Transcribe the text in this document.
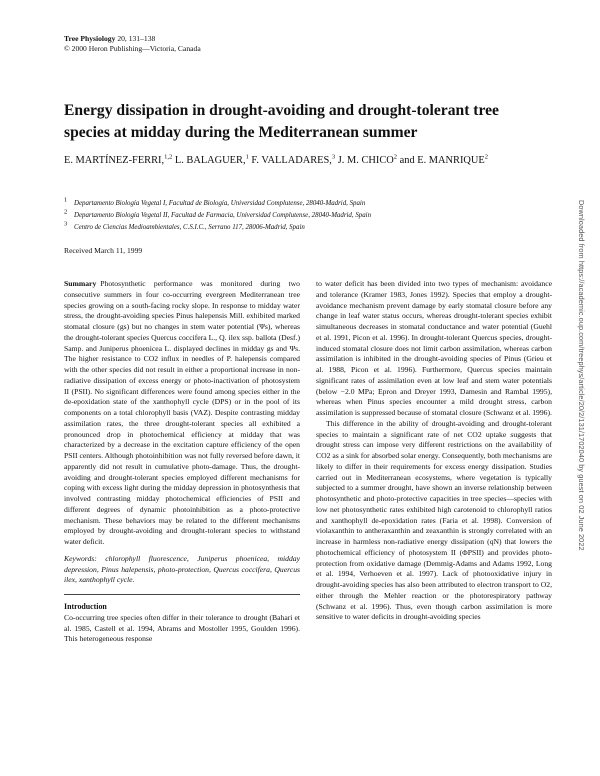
Tree Physiology 20, 131–138
© 2000 Heron Publishing—Victoria, Canada
Energy dissipation in drought-avoiding and drought-tolerant tree species at midday during the Mediterranean summer
E. MARTÍNEZ-FERRI,$^{1,2}$ L. BALAGUER,$^1$ F. VALLADARES,$^3$ J. M. CHICO$^2$ and E. MANRIQUE$^2$
$^1$ Departamento Biología Vegetal I, Facultad de Biología, Universidad Complutense, 28040-Madrid, Spain
$^2$ Departamento Biología Vegetal II, Facultad de Farmacia, Universidad Complutense, 28040-Madrid, Spain
$^3$ Centro de Ciencias Medioambientales, C.S.I.C., Serrano 117, 28006-Madrid, Spain
Received March 11, 1999

Summary Photosynthetic performance was monitored during two consecutive summers in four co-occurring evergreen Mediterranean tree species growing on a south-facing rocky slope. In response to midday water stress, the drought-avoiding species Pinus halepensis Mill. exhibited marked stomatal closure (gs) but no changes in stem water potential (Ψs), whereas the drought-tolerant species Quercus coccifera L., Q. ilex ssp. ballota (Desf.) Samp. and Juniperus phoenicea L. displayed declines in midday gs and Ψs. The higher resistance to CO2 influx in needles of P. halepensis compared with the other species did not result in either a proportional increase in non-radiative dissipation of excess energy or photo-inactivation of photosystem II (PSII). No significant differences were found among species either in the de-epoxidation state of the xanthophyll cycle (DPS) or in the pool of its components on a total chlorophyll basis (VAZ). Despite contrasting midday assimilation rates, the three drought-tolerant species all exhibited a pronounced drop in photochemical efficiency at midday that was characterized by a decrease in the excitation capture efficiency of the open PSII centers. Although photoinhibition was not fully reversed before dawn, it apparently did not result in cumulative photo-damage. Thus, the drought-avoiding and drought-tolerant species employed different mechanisms for coping with excess light during the midday depression in photosynthesis that involved contrasting midday photochemical efficiencies of PSII and different degrees of dynamic photoinhibition as a photo-protective mechanism. These behaviors may be related to the different mechanisms employed by drought-avoiding and drought-tolerant species to withstand water deficit.

Keywords: chlorophyll fluorescence, Juniperus phoenicea, midday depression, Pinus halepensis, photo-protection, Quercus coccifera, Quercus ilex, xanthophyll cycle.

Introduction

Co-occurring tree species often differ in their tolerance to drought (Bahari et al. 1985, Castell et al. 1994, Abrams and Mostoller 1995, Goulden 1996). This heterogeneous response

to water deficit has been divided into two types of mechanism: avoidance and tolerance (Kramer 1983, Jones 1992). Species that employ a drought-avoidance mechanism prevent damage by early stomatal closure before any change in leaf water status occurs, whereas drought-tolerant species exhibit simultaneous decreases in stomatal conductance and water potential (Guehl et al. 1991, Picon et al. 1996). In drought-tolerant Quercus species, drought-induced stomatal closure does not limit carbon assimilation, whereas carbon assimilation is inhibited in the drought-avoiding species of Pinus (Grieu et al. 1988, Picon et al. 1996). Furthermore, Quercus species maintain significant rates of assimilation even at low leaf and stem water potentials (below −2.0 MPa; Epron and Dreyer 1993, Damesin and Rambal 1995), whereas when Pinus species encounter a mild drought stress, carbon assimilation is suppressed because of stomatal closure (Schwanz et al. 1996).

This difference in the ability of drought-avoiding and drought-tolerant species to maintain a significant rate of net CO2 uptake suggests that drought stress can impose very different restrictions on the availability of CO2 as a sink for absorbed solar energy. Consequently, both mechanisms are likely to differ in their requirements for excess energy dissipation. Studies carried out in Mediterranean ecosystems, where vegetation is typically subjected to a summer drought, have shown an inverse relationship between photosynthetic and photo-protective capacities in tree species—species with low net photosynthetic rates exhibited high carotenoid to chlorophyll ratios and xanthophyll de-epoxidation rates (Faria et al. 1998). Conversion of violaxanthin to antheraxanthin and zeaxanthin is strongly correlated with an increase in harmless non-radiative energy dissipation (qN) that lowers the photochemical efficiency of photosystem II (ΦPSII) and provides photo-protection from oxidative damage (Demmig-Adams and Adams 1992, Long et al. 1994, Verhoeven et al. 1997). Lack of photooxidative injury in drought-avoiding species has also been attributed to electron transport to O2, either through the Mehler reaction or the photorespiratory pathway (Schwanz et al. 1996). Thus, even though carbon assimilation is more sensitive to water deficits in drought-avoiding species

Downloaded from https://academic.oup.com/treephys/article/20/2/131/1702040 by guest on 02 June 2022
